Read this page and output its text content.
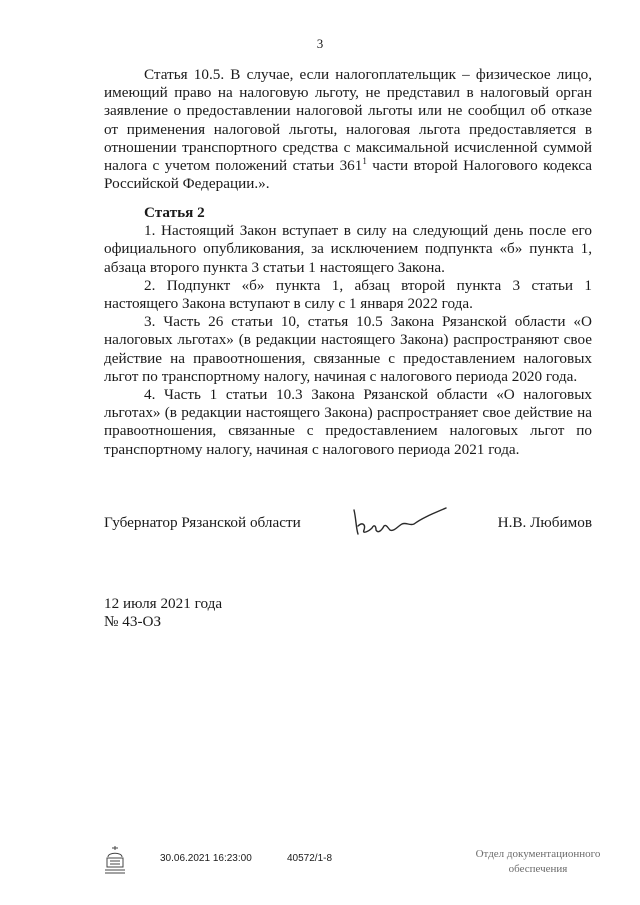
3

Статья 10.5. В случае, если налогоплательщик – физическое лицо, имеющий право на налоговую льготу, не представил в налоговый орган заявление о предоставлении налоговой льготы или не сообщил об отказе от применения налоговой льготы, налоговая льгота предоставляется в отношении транспортного средства с максимальной исчисленной суммой налога с учетом положений статьи $361^1$ части второй Налогового кодекса Российской Федерации.».

Статья 2

1. Настоящий Закон вступает в силу на следующий день после его официального опубликования, за исключением подпункта «б» пункта 1, абзаца второго пункта 3 статьи 1 настоящего Закона.

2. Подпункт «б» пункта 1, абзац второй пункта 3 статьи 1 настоящего Закона вступают в силу с 1 января 2022 года.

3. Часть 26 статьи 10, статья 10.5 Закона Рязанской области «О налоговых льготах» (в редакции настоящего Закона) распространяют свое действие на правоотношения, связанные с предоставлением налоговых льгот по транспортному налогу, начиная с налогового периода 2020 года.

4. Часть 1 статьи 10.3 Закона Рязанской области «О налоговых льготах» (в редакции настоящего Закона) распространяет свое действие на правоотношения, связанные с предоставлением налоговых льгот по транспортному налогу, начиная с налогового периода 2021 года.

Губернатор Рязанской области	Н.В. Любимов
12 июля 2021 года
№ 43-ОЗ
30.06.2021 16:23:00	40572/1-8	Отдел документационного
обеспечения
